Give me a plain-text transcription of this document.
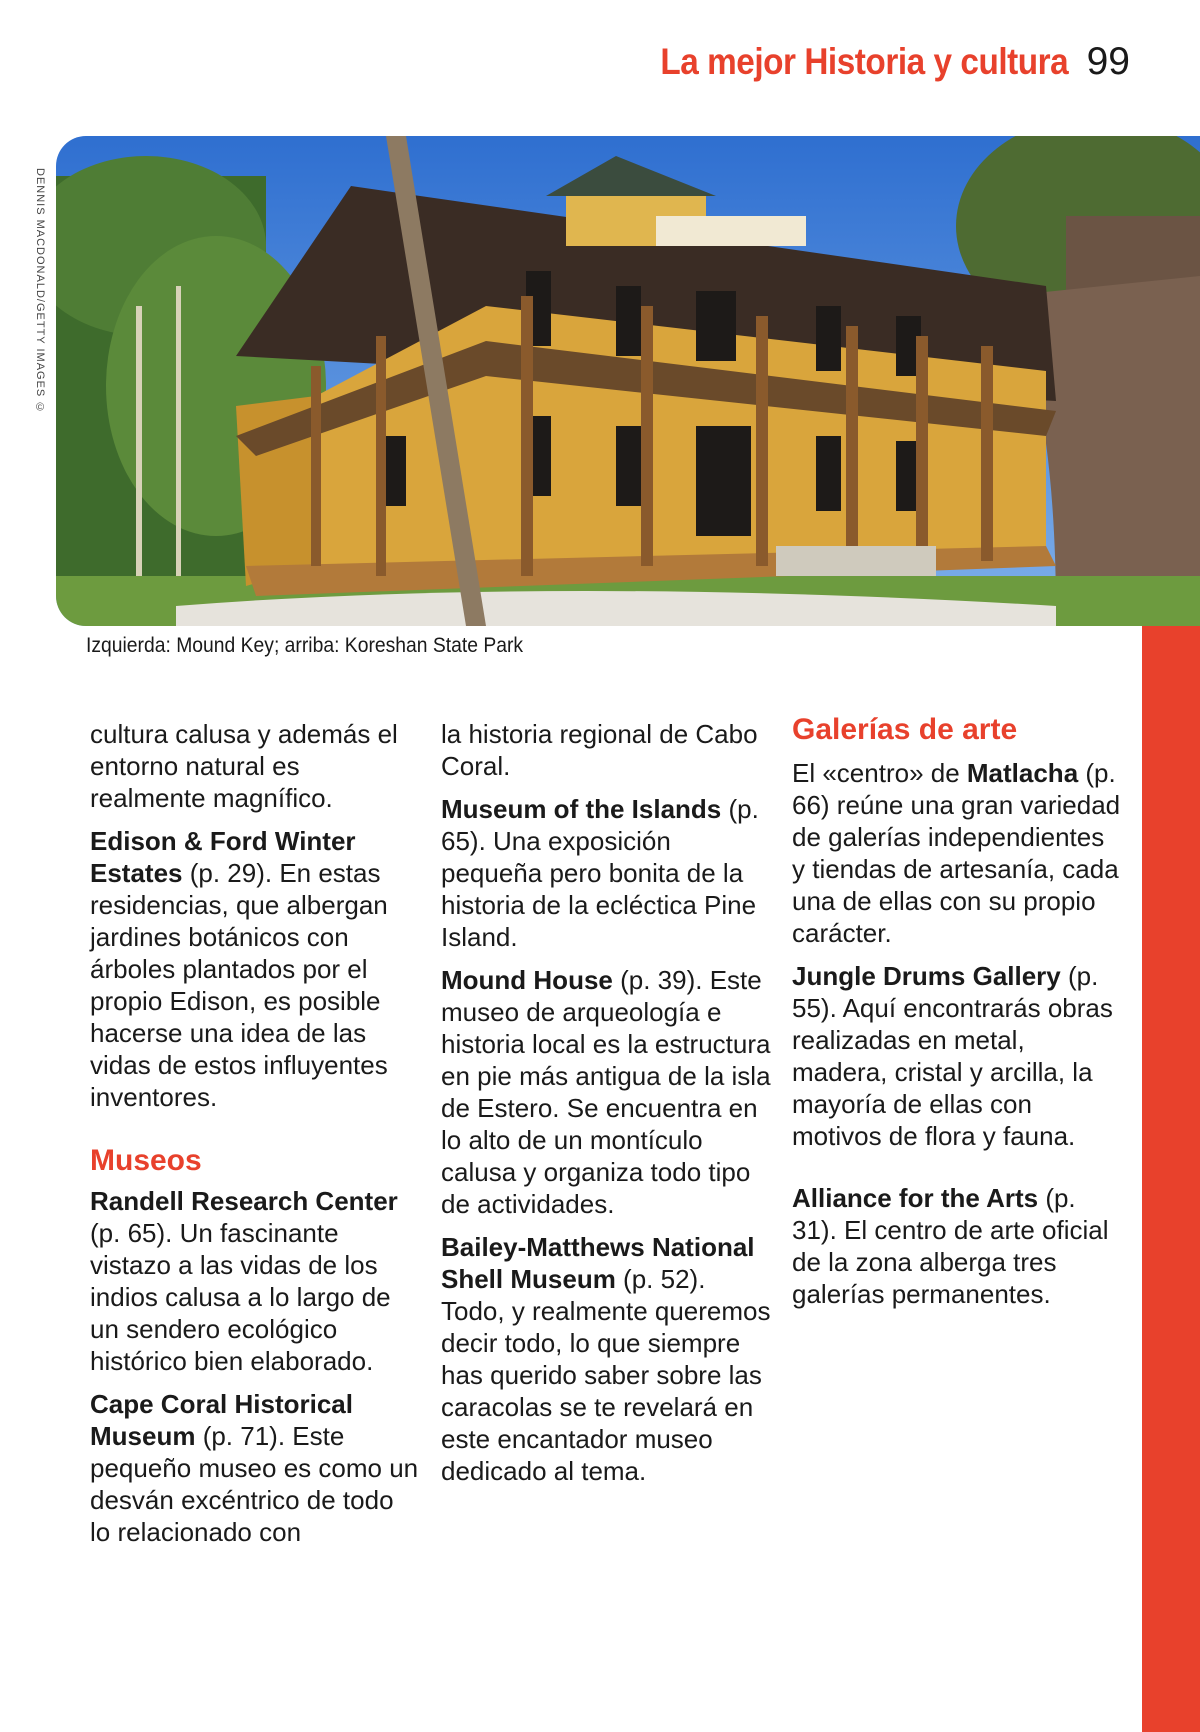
La mejor Historia y cultura 99
DENNIS MACDONALD/GETTY IMAGES ©
Izquierda: Mound Key; arriba: Koreshan State Park

cultura calusa y además el entorno natural es realmente magnífico.

Edison & Ford Winter Estates (p. 29). En estas residencias, que albergan jardines botánicos con árboles plantados por el propio Edison, es posible hacerse una idea de las vidas de estos influyentes inventores.

Museos

Randell Research Center (p. 65). Un fascinante vistazo a las vidas de los indios calusa a lo largo de un sendero ecológico histórico bien elaborado.

Cape Coral Historical Museum (p. 71). Este pequeño museo es como un desván excéntrico de todo lo relacionado con

la historia regional de Cabo Coral.

Museum of the Islands (p. 65). Una exposición pequeña pero bonita de la historia de la ecléctica Pine Island.

Mound House (p. 39). Este museo de arqueología e historia local es la estructura en pie más antigua de la isla de Estero. Se encuentra en lo alto de un montículo calusa y organiza todo tipo de actividades.

Bailey-Matthews National Shell Museum (p. 52). Todo, y realmente queremos decir todo, lo que siempre has querido saber sobre las caracolas se te revelará en este encantador museo dedicado al tema.

Galerías de arte

El «centro» de Matlacha (p. 66) reúne una gran variedad de galerías independientes y tiendas de artesanía, cada una de ellas con su propio carácter.

Jungle Drums Gallery (p. 55). Aquí encontrarás obras realizadas en metal, madera, cristal y arcilla, la mayoría de ellas con motivos de flora y fauna.

Alliance for the Arts (p. 31). El centro de arte oficial de la zona alberga tres galerías permanentes.
